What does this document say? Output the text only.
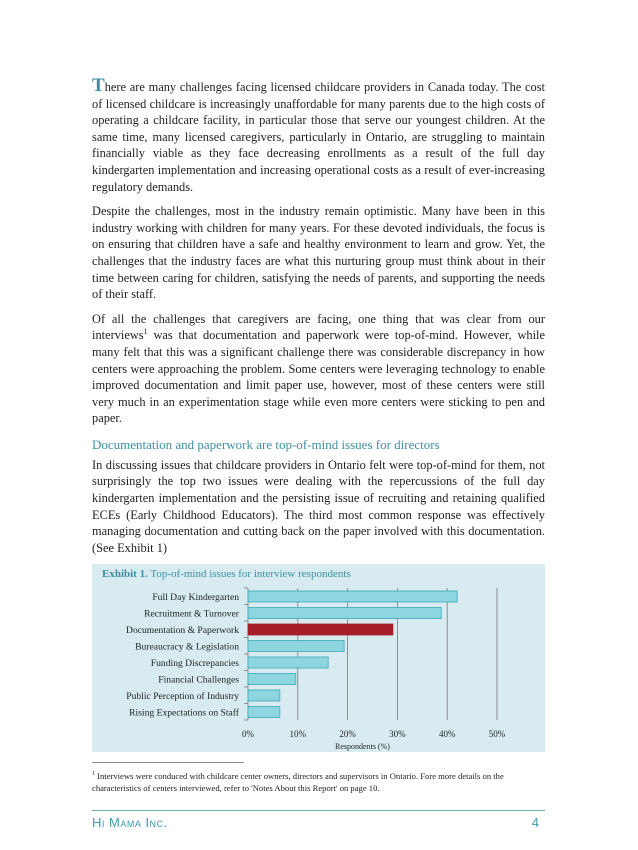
There are many challenges facing licensed childcare providers in Canada today. The cost of licensed childcare is increasingly unaffordable for many parents due to the high costs of operating a childcare facility, in particular those that serve our youngest children. At the same time, many licensed caregivers, particularly in Ontario, are struggling to maintain financially viable as they face decreasing enrollments as a result of the full day kindergarten implementation and increasing operational costs as a result of ever-increasing regulatory demands.

Despite the challenges, most in the industry remain optimistic. Many have been in this industry working with children for many years. For these devoted individuals, the focus is on ensuring that children have a safe and healthy environment to learn and grow. Yet, the challenges that the industry faces are what this nurturing group must think about in their time between caring for children, satisfying the needs of parents, and supporting the needs of their staff.

Of all the challenges that caregivers are facing, one thing that was clear from our interviews$^1$ was that documentation and paperwork were top-of-mind. However, while many felt that this was a significant challenge there was considerable discrepancy in how centers were approaching the problem. Some centers were leveraging technology to enable improved documentation and limit paper use, however, most of these centers were still very much in an experimentation stage while even more centers were sticking to pen and paper.

Documentation and paperwork are top-of-mind issues for directors

In discussing issues that childcare providers in Ontario felt were top-of-mind for them, not surprisingly the top two issues were dealing with the repercussions of the full day kindergarten implementation and the persisting issue of recruiting and retaining qualified ECEs (Early Childhood Educators). The third most common response was effectively managing documentation and cutting back on the paper involved with this documentation. (See Exhibit 1)

Exhibit 1. Top-of-mind issues for interview respondents
0%	10%	20%	30%	40%	50%
Full Day Kindergarten
Recruitment & Turnover
Documentation & Paperwork
Bureaucracy & Legislation
Funding Discrepancies
Financial Challenges
Public Perception of Industry
Rising Expectations on Staff
Respondents (%)
$^1$ Interviews were conduced with childcare center owners, directors and supervisors in Ontario. Fore more details on the characteristics of centers interviewed, refer to 'Notes About this Report' on page 10.
Hi Mama Inc.	4
